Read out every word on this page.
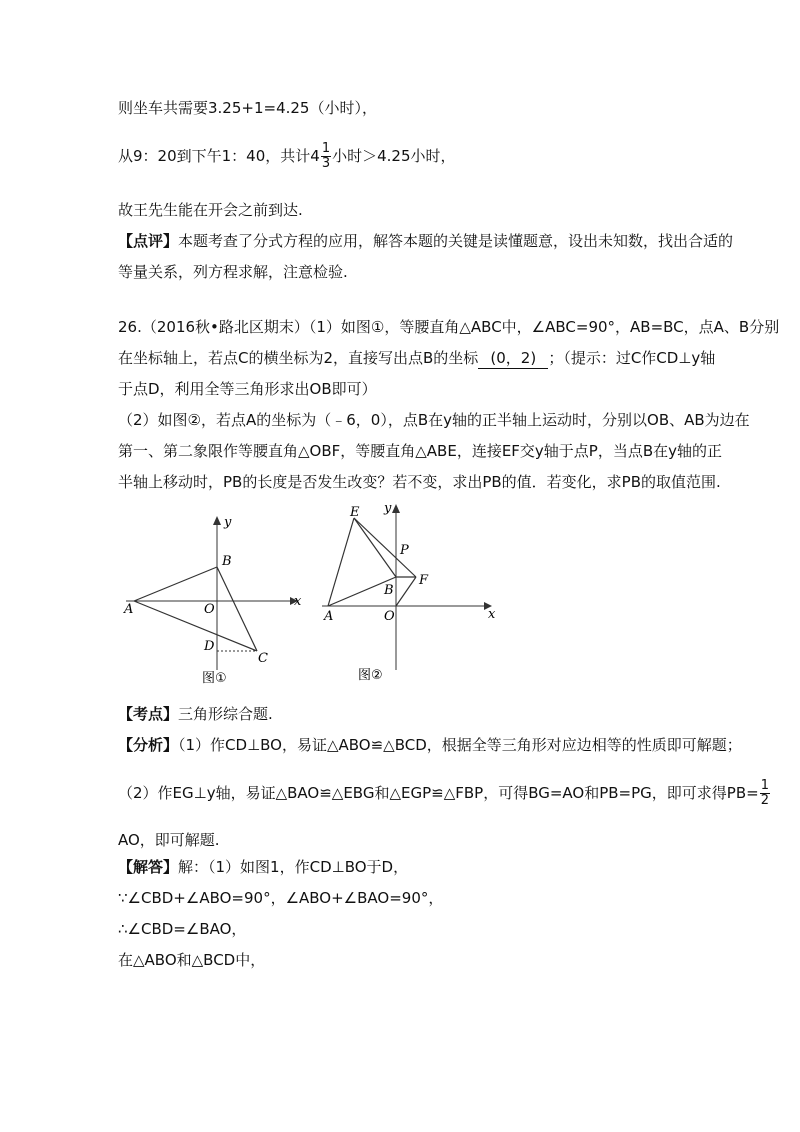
则坐车共需要3.25+1=4.25（小时），
从9：20到下午1：40，共计$4 \frac{1}{3}$ 小时＞4.25小时，
故王先生能在开会之前到达.
【点评】本题考查了分式方程的应用，解答本题的关键是读懂题意，设出未知数，找出合适的
等量关系，列方程求解，注意检验.
26.（2016秋•路北区期末）（1）如图①，等腰直角△ABC中，∠ABC=90°，AB=BC，点A、B分别
在坐标轴上，若点C的横坐标为2，直接写出点B的坐标 (0，2) ；（提示：过C作CD⊥y轴
于点D，利用全等三角形求出OB即可）
（2）如图②，若点A的坐标为（﹣6，0），点B在y轴的正半轴上运动时，分别以OB、AB为边在
第一、第二象限作等腰直角△OBF，等腰直角△ABE，连接EF交y轴于点P，当点B在y轴的正
半轴上移动时，PB的长度是否发生改变？若不变，求出PB的值．若变化，求PB的取值范围.
y
x
A
B
O
D
C
图①
y
x
A
B
O
E
P
F
图②
【考点】三角形综合题.
【分析】（1）作CD⊥BO，易证△ABO≌△BCD，根据全等三角形对应边相等的性质即可解题；
（2）作EG⊥y轴，易证△BAO≌△EBG和△EGP≌△FBP，可得BG=AO和PB=PG，即可求得$PB= \frac{1}{2}$
AO，即可解题.
【解答】解：（1）如图1，作CD⊥BO于D，
∵∠CBD+∠ABO=90°，∠ABO+∠BAO=90°，
∴∠CBD=∠BAO，
在△ABO和△BCD中，
